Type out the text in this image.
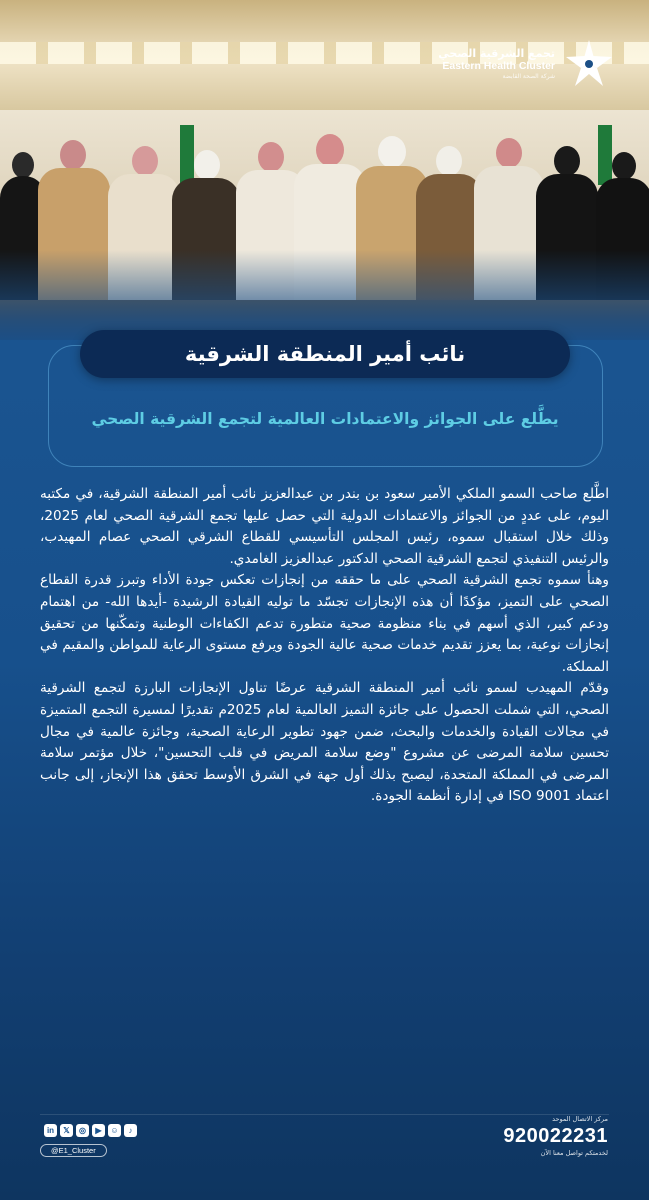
تجمع الشرقية الصحي
Eastern Health Cluster
شركة الصحة القابضة
نائب أمير المنطقة الشرقية
يطَّلع على الجوائز والاعتمادات العالمية لتجمع الشرقية الصحي

اطَّلع صاحب السمو الملكي الأمير سعود بن بندر بن عبدالعزيز نائب أمير المنطقة الشرقية، في مكتبه اليوم، على عددٍ من الجوائز والاعتمادات الدولية التي حصل عليها تجمع الشرقية الصحي لعام 2025، وذلك خلال استقبال سموه، رئيس المجلس التأسيسي للقطاع الشرقي الصحي عصام المهيدب، والرئيس التنفيذي لتجمع الشرقية الصحي الدكتور عبدالعزيز الغامدي.

وهنأ سموه تجمع الشرقية الصحي على ما حققه من إنجازات تعكس جودة الأداء وتبرز قدرة القطاع الصحي على التميز، مؤكدًا أن هذه الإنجازات تجسّد ما توليه القيادة الرشيدة -أيدها الله- من اهتمام ودعم كبير، الذي أسهم في بناء منظومة صحية متطورة تدعم الكفاءات الوطنية وتمكّنها من تحقيق إنجازات نوعية، بما يعزز تقديم خدمات صحية عالية الجودة ويرفع مستوى الرعاية للمواطن والمقيم في المملكة.

وقدّم المهيدب لسمو نائب أمير المنطقة الشرقية عرضًا تناول الإنجازات البارزة لتجمع الشرقية الصحي، التي شملت الحصول على جائزة التميز العالمية لعام 2025م تقديرًا لمسيرة التجمع المتميزة في مجالات القيادة والخدمات والبحث، ضمن جهود تطوير الرعاية الصحية، وجائزة عالمية في مجال تحسين سلامة المرضى عن مشروع "وضع سلامة المريض في قلب التحسين"، خلال مؤتمر سلامة المرضى في المملكة المتحدة، ليصبح بذلك أول جهة في الشرق الأوسط تحقق هذا الإنجاز، إلى جانب اعتماد ISO 9001 في إدارة أنظمة الجودة.

مركز الاتصال الموحد
920022231
لخدمتكم تواصل معنا الآن
in	𝕏	◎	▶	☺	♪
@E1_Cluster
